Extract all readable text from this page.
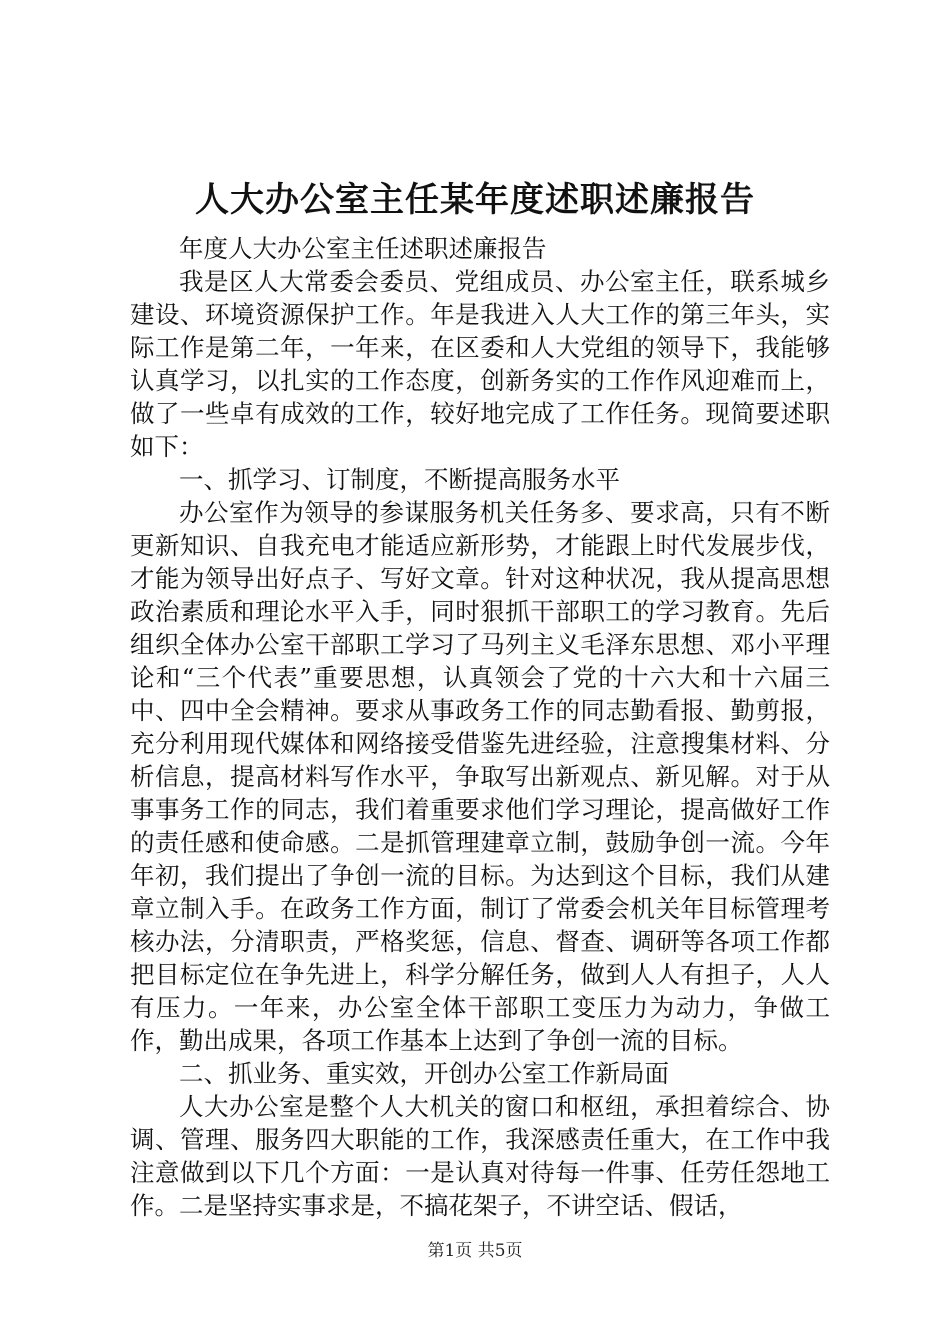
人大办公室主任某年度述职述廉报告

年度人大办公室主任述职述廉报告

我是区人大常委会委员、党组成员、办公室主任，联系城乡建设、环境资源保护工作。年是我进入人大工作的第三年头，实际工作是第二年，一年来，在区委和人大党组的领导下，我能够认真学习，以扎实的工作态度，创新务实的工作作风迎难而上，做了一些卓有成效的工作，较好地完成了工作任务。现简要述职如下：

一、抓学习、订制度，不断提高服务水平

办公室作为领导的参谋服务机关任务多、要求高，只有不断更新知识、自我充电才能适应新形势，才能跟上时代发展步伐，才能为领导出好点子、写好文章。针对这种状况，我从提高思想政治素质和理论水平入手，同时狠抓干部职工的学习教育。先后组织全体办公室干部职工学习了马列主义毛泽东思想、邓小平理论和“三个代表”重要思想，认真领会了党的十六大和十六届三中、四中全会精神。要求从事政务工作的同志勤看报、勤剪报，充分利用现代媒体和网络接受借鉴先进经验，注意搜集材料、分析信息，提高材料写作水平，争取写出新观点、新见解。对于从事事务工作的同志，我们着重要求他们学习理论，提高做好工作的责任感和使命感。二是抓管理建章立制，鼓励争创一流。今年年初，我们提出了争创一流的目标。为达到这个目标，我们从建章立制入手。在政务工作方面，制订了常委会机关年目标管理考核办法，分清职责，严格奖惩，信息、督查、调研等各项工作都把目标定位在争先进上，科学分解任务，做到人人有担子，人人有压力。一年来，办公室全体干部职工变压力为动力，争做工作，勤出成果，各项工作基本上达到了争创一流的目标。

二、抓业务、重实效，开创办公室工作新局面

人大办公室是整个人大机关的窗口和枢纽，承担着综合、协调、管理、服务四大职能的工作，我深感责任重大，在工作中我注意做到以下几个方面：一是认真对待每一件事、任劳任怨地工作。二是坚持实事求是，不搞花架子，不讲空话、假话，

第1页 共5页
